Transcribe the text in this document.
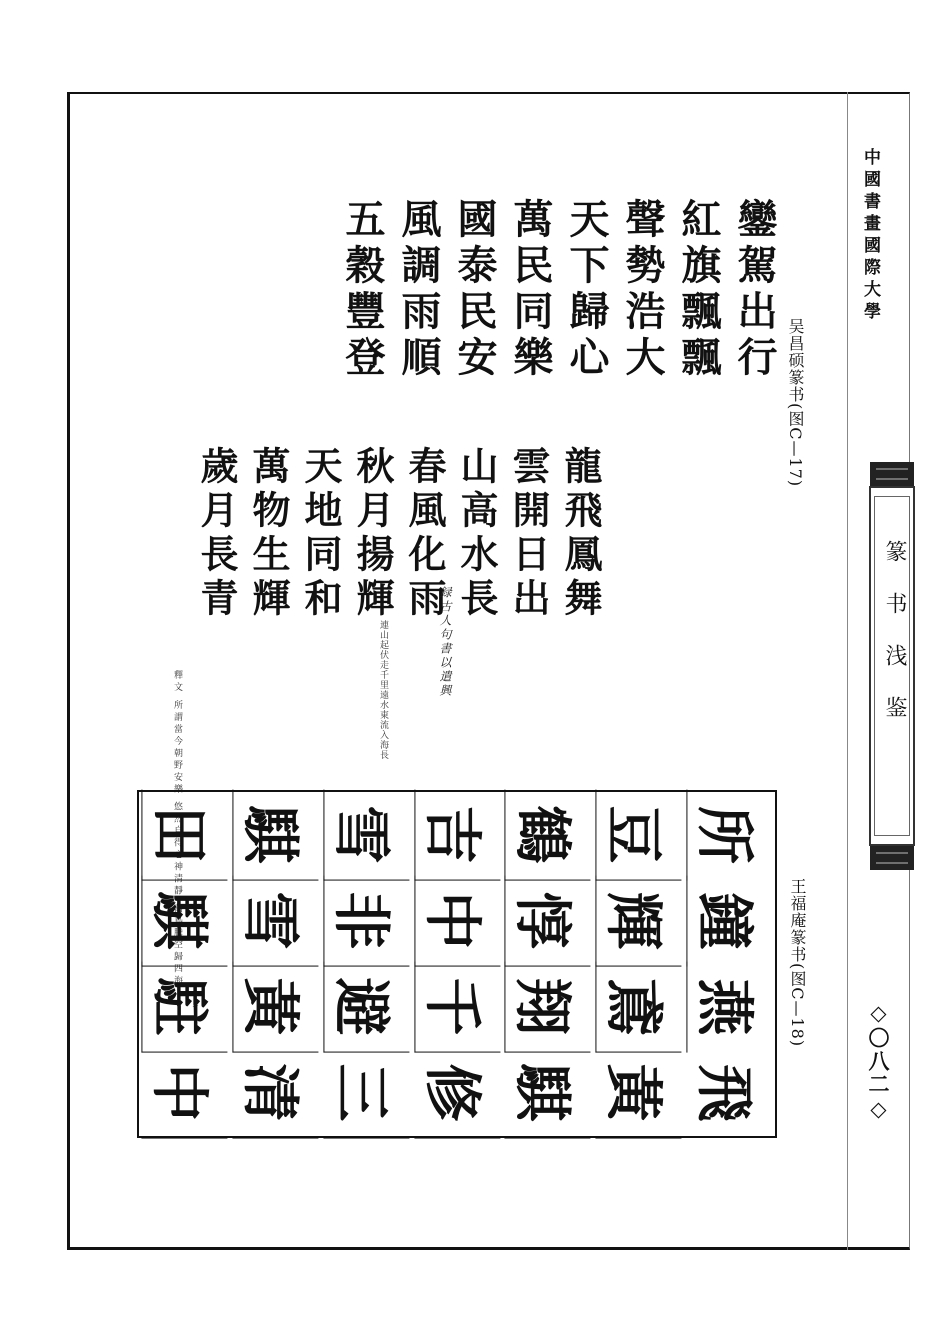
中國書畫國際大學

篆书浅鉴

◇〇八二◇

鑾駕出行紅旗飄飄聲勢浩大天下歸心萬民同樂國泰民安風調雨順五穀豐登

吴昌硕篆书(图C—17)

龍飛鳳舞雲開日出山高水長春風化雨秋月揚輝天地同和萬物生輝歲月長青

録古人句書以遣興

連山起伏走千里遠水東流入海長

釋文 所謂當今朝野安樂 悠然自得心神清靜 萬鳥騰空歸四海

田 騏 雪 吉 鶴 豆 所
騏 雪 非 中 惇 輝 鐘
駐 黃 避 千 翔 鳶 燕
中 清 三 修 騏 黃 飛

王福庵篆书(图C—18)
